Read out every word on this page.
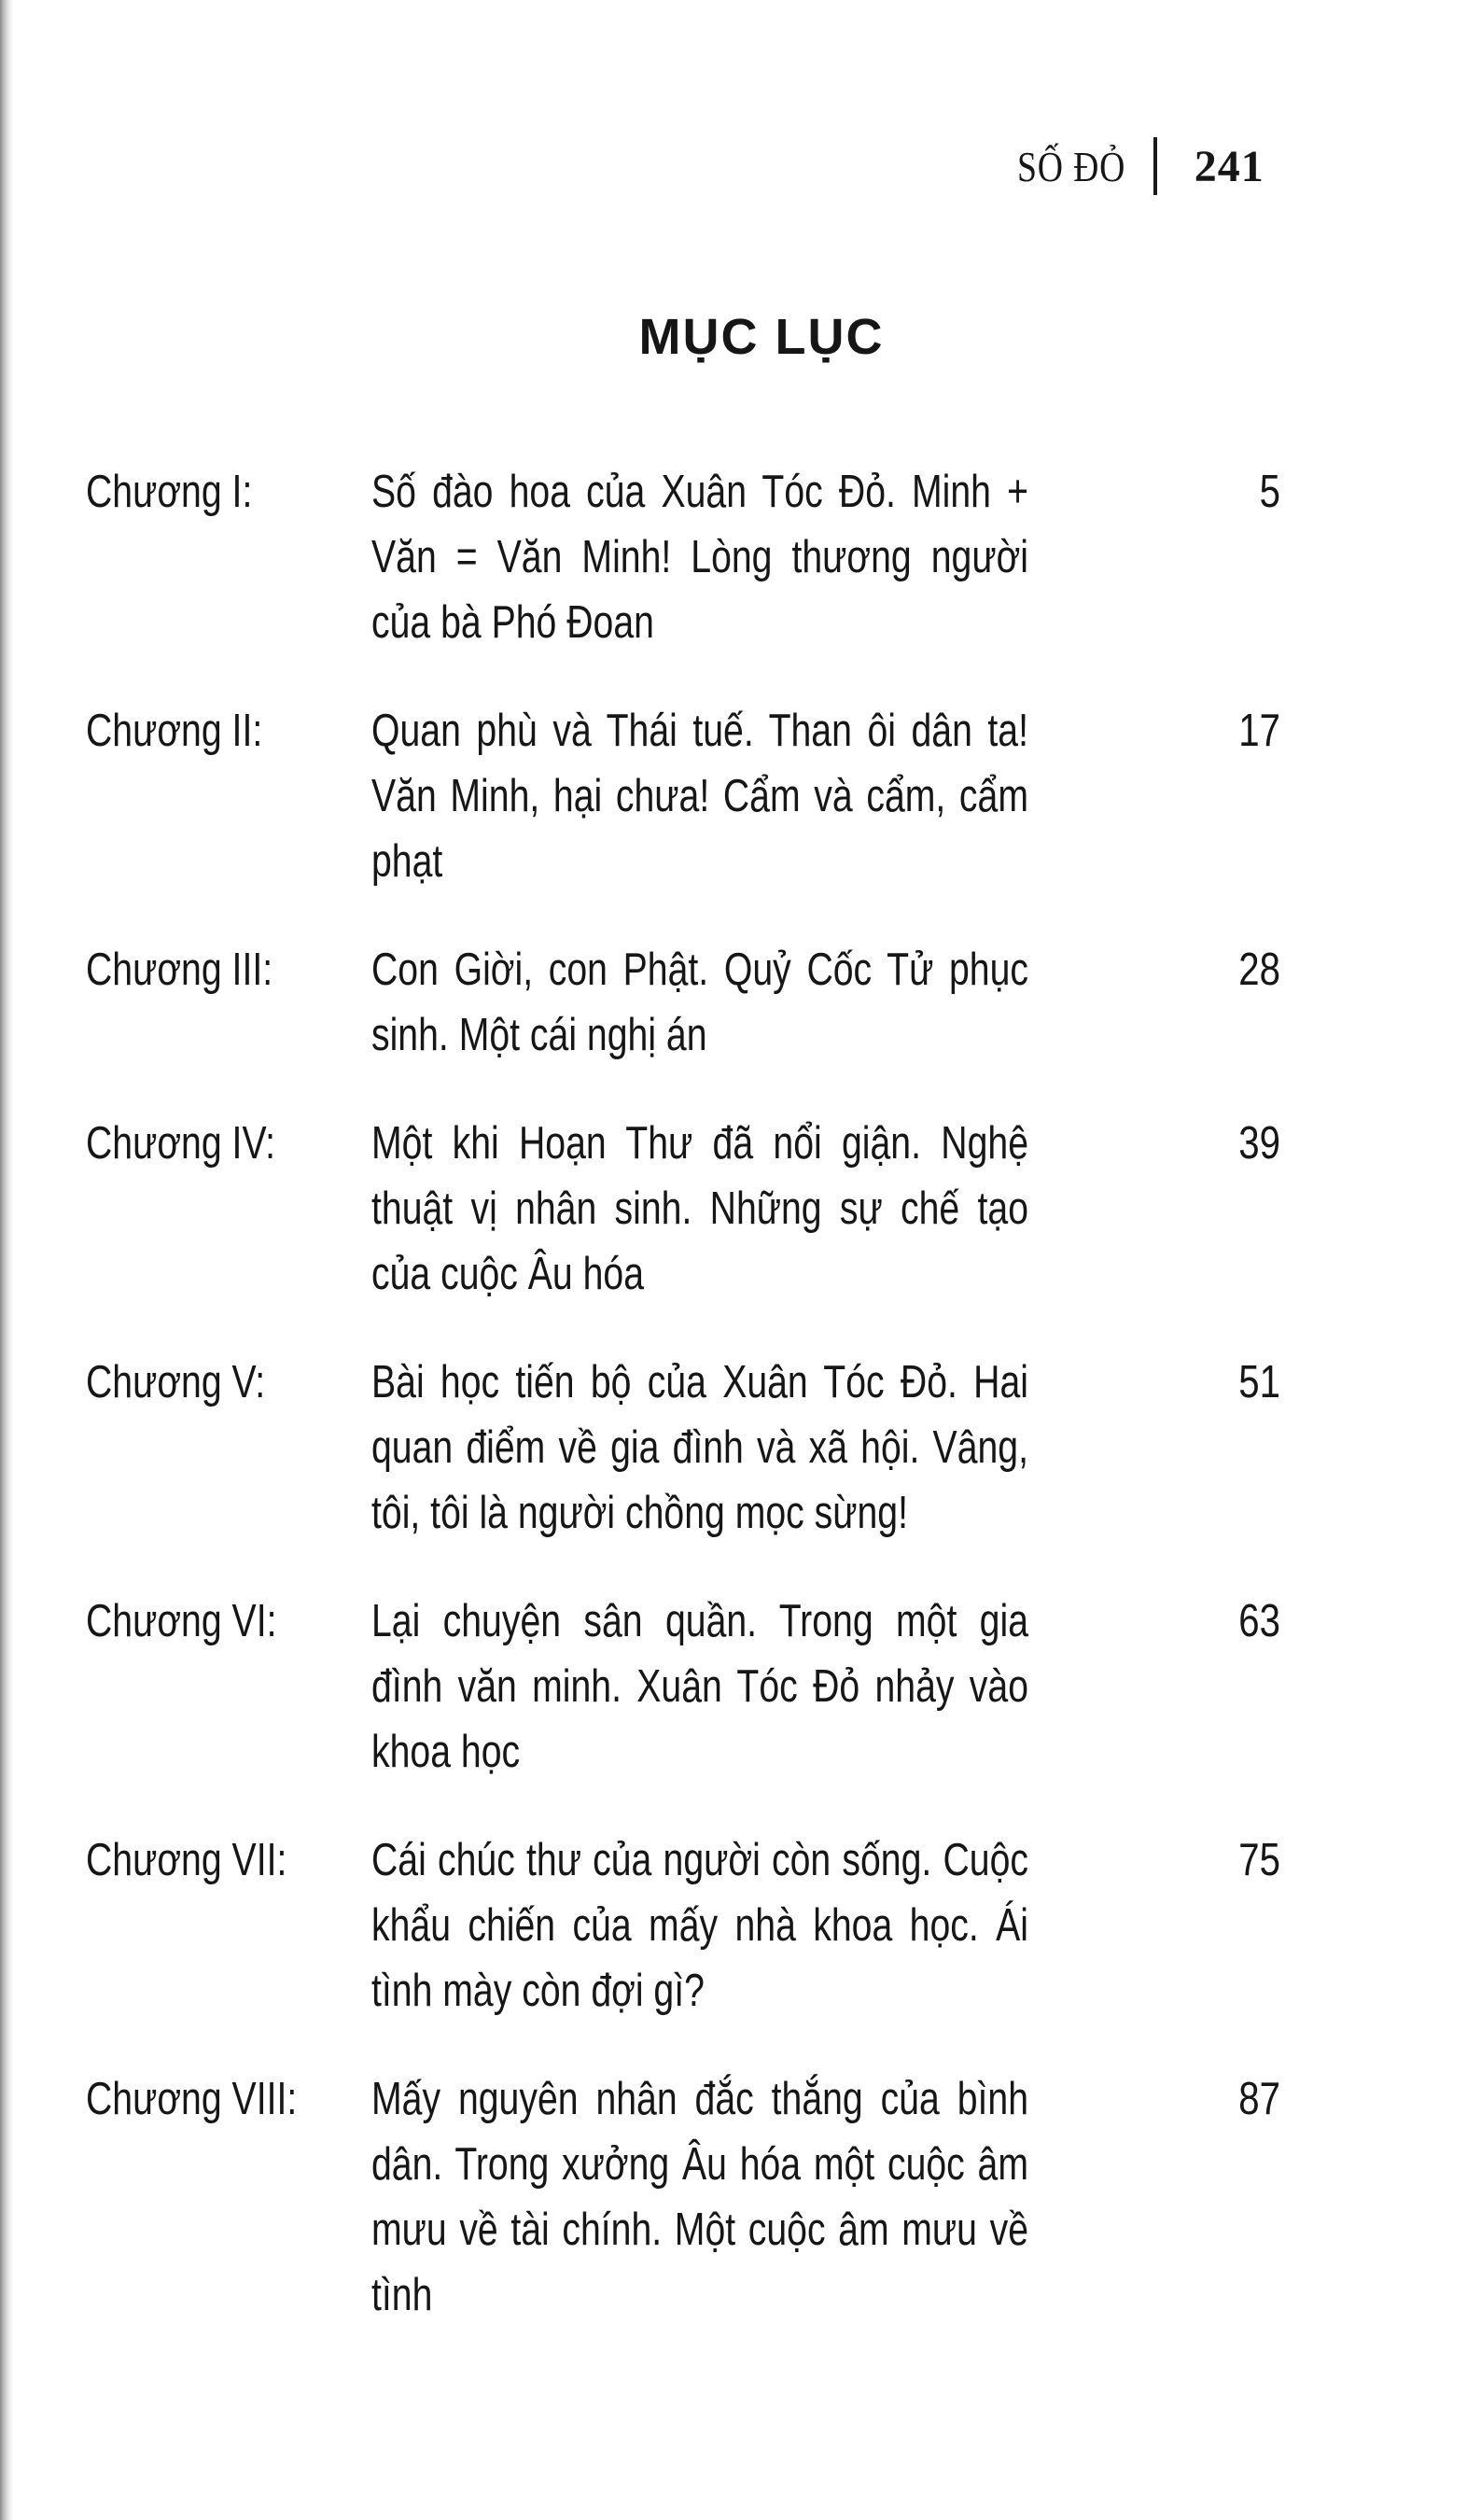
SỐ ĐỎ 241
MỤC LỤC
Chương I:	Số đào hoa của Xuân Tóc Đỏ. Minh + Văn = Văn Minh! Lòng thương người của bà Phó Đoan
5
Chương II: Quan phù và Thái tuế. Than ôi dân ta! Văn Minh, hại chưa! Cẩm và cẩm, cẩm phạt
17
Chương III: Con Giời, con Phật. Quỷ Cốc Tử phục sinh. Một cái nghị án
28
Chương IV: Một khi Hoạn Thư đã nổi giận. Nghệ thuật vị nhân sinh. Những sự chế tạo của cuộc Âu hóa
39
Chương V: Bài học tiến bộ của Xuân Tóc Đỏ. Hai quan điểm về gia đình và xã hội. Vâng, tôi, tôi là người chồng mọc sừng!
51
Chương VI: Lại chuyện sân quần. Trong một gia đình văn minh. Xuân Tóc Đỏ nhảy vào khoa học
63
Chương VII: Cái chúc thư của người còn sống. Cuộc khẩu chiến của mấy nhà khoa học. Ái tình mày còn đợi gì?
75
Chương VIII: Mấy nguyên nhân đắc thắng của bình dân. Trong xưởng Âu hóa một cuộc âm mưu về tài chính. Một cuộc âm mưu về tình
87
